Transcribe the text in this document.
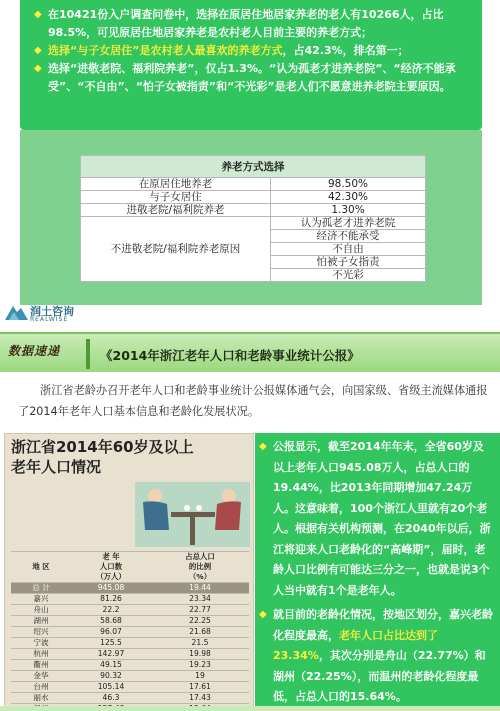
◆ 在10421份入户调查问卷中，选择在原居住地居家养老的老人有10266人，占比98.5%，可见原居住地居家养老是农村老人目前主要的养老方式；
◆ 选择“与子女居住”是农村老人最喜欢的养老方式，占42.3%，排名第一；
◆ 选择“进敬老院、福利院养老”，仅占1.3%。“认为孤老才进养老院”、“经济不能承受”、“不自由”、“怕子女被指责”和“不光彩”是老人们不愿意进养老院主要原因。
养老方式选择	
在原居住地养老	98.50%
与子女居住	42.30%
进敬老院/福利院养老	1.30%
不进敬老院/福利院养老原因	认为孤老才进养老院
	经济不能承受
	不自由
	怕被子女指责
	不光彩
润土咨询
REALWISE
数据速递	《2014年浙江老年人口和老龄事业统计公报》

浙江省老龄办召开老年人口和老龄事业统计公报媒体通气会，向国家级、省级主流媒体通报了2014年老年人口基本信息和老龄化发展状况。

浙江省2014年60岁及以上
老年人口情况
地 区	老 年
人口数
（万人）	占总人口
的比例
（%）
总 计	945.08	19.44
嘉兴	81.26	23.34
舟山	22.2	22.77
湖州	58.68	22.25
绍兴	96.07	21.68
宁波	125.5	21.5
杭州	142.97	19.98
衢州	49.15	19.23
金华	90.32	19
台州	105.14	17.61
丽水	46.3	17.43

◆ 公报显示，截至2014年年末，全省60岁及以上老年人口945.08万人，占总人口的19.44%，比2013年同期增加47.24万人。这意味着，100个浙江人里就有20个老人。根据有关机构预测，在2040年以后，浙江将迎来人口老龄化的“高峰期”，届时，老龄人口比例有可能达三分之一，也就是说3个人当中就有1个是老年人。
◆ 就目前的老龄化情况，按地区划分，嘉兴老龄化程度最高，老年人口占比达到了23.34%，其次分别是舟山（22.77%）和湖州（22.25%），而温州的老龄化程度最低，占总人口的15.64%。
